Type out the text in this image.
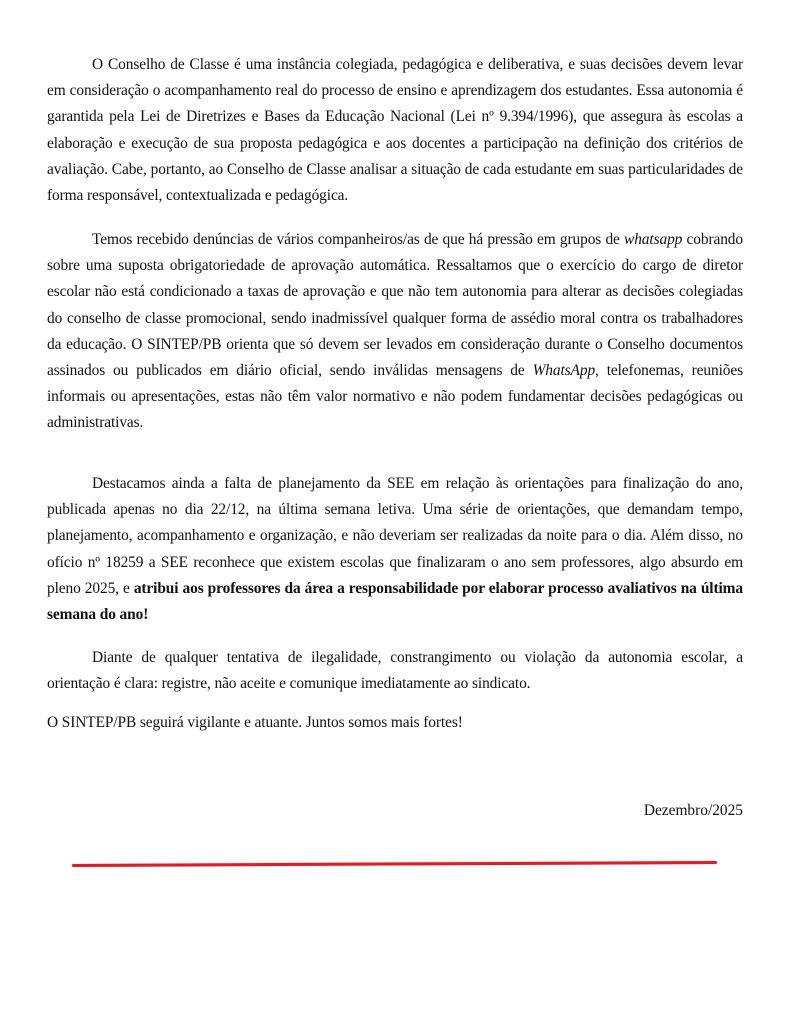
O Conselho de Classe é uma instância colegiada, pedagógica e deliberativa, e suas decisões devem levar em consideração o acompanhamento real do processo de ensino e aprendizagem dos estudantes. Essa autonomia é garantida pela Lei de Diretrizes e Bases da Educação Nacional (Lei nº 9.394/1996), que assegura às escolas a elaboração e execução de sua proposta pedagógica e aos docentes a participação na definição dos critérios de avaliação. Cabe, portanto, ao Conselho de Classe analisar a situação de cada estudante em suas particularidades de forma responsável, contextualizada e pedagógica.

Temos recebido denúncias de vários companheiros/as de que há pressão em grupos de whatsapp cobrando sobre uma suposta obrigatoriedade de aprovação automática. Ressaltamos que o exercício do cargo de diretor escolar não está condicionado a taxas de aprovação e que não tem autonomia para alterar as decisões colegiadas do conselho de classe promocional, sendo inadmissível qualquer forma de assédio moral contra os trabalhadores da educação. O SINTEP/PB orienta que só devem ser levados em consideração durante o Conselho documentos assinados ou publicados em diário oficial, sendo inválidas mensagens de WhatsApp, telefonemas, reuniões informais ou apresentações, estas não têm valor normativo e não podem fundamentar decisões pedagógicas ou administrativas.

Destacamos ainda a falta de planejamento da SEE em relação às orientações para finalização do ano, publicada apenas no dia 22/12, na última semana letiva. Uma série de orientações, que demandam tempo, planejamento, acompanhamento e organização, e não deveriam ser realizadas da noite para o dia. Além disso, no ofício nº 18259 a SEE reconhece que existem escolas que finalizaram o ano sem professores, algo absurdo em pleno 2025, e atribui aos professores da área a responsabilidade por elaborar processo avaliativos na última semana do ano!

Diante de qualquer tentativa de ilegalidade, constrangimento ou violação da autonomia escolar, a orientação é clara: registre, não aceite e comunique imediatamente ao sindicato.

O SINTEP/PB seguirá vigilante e atuante. Juntos somos mais fortes!

Dezembro/2025
